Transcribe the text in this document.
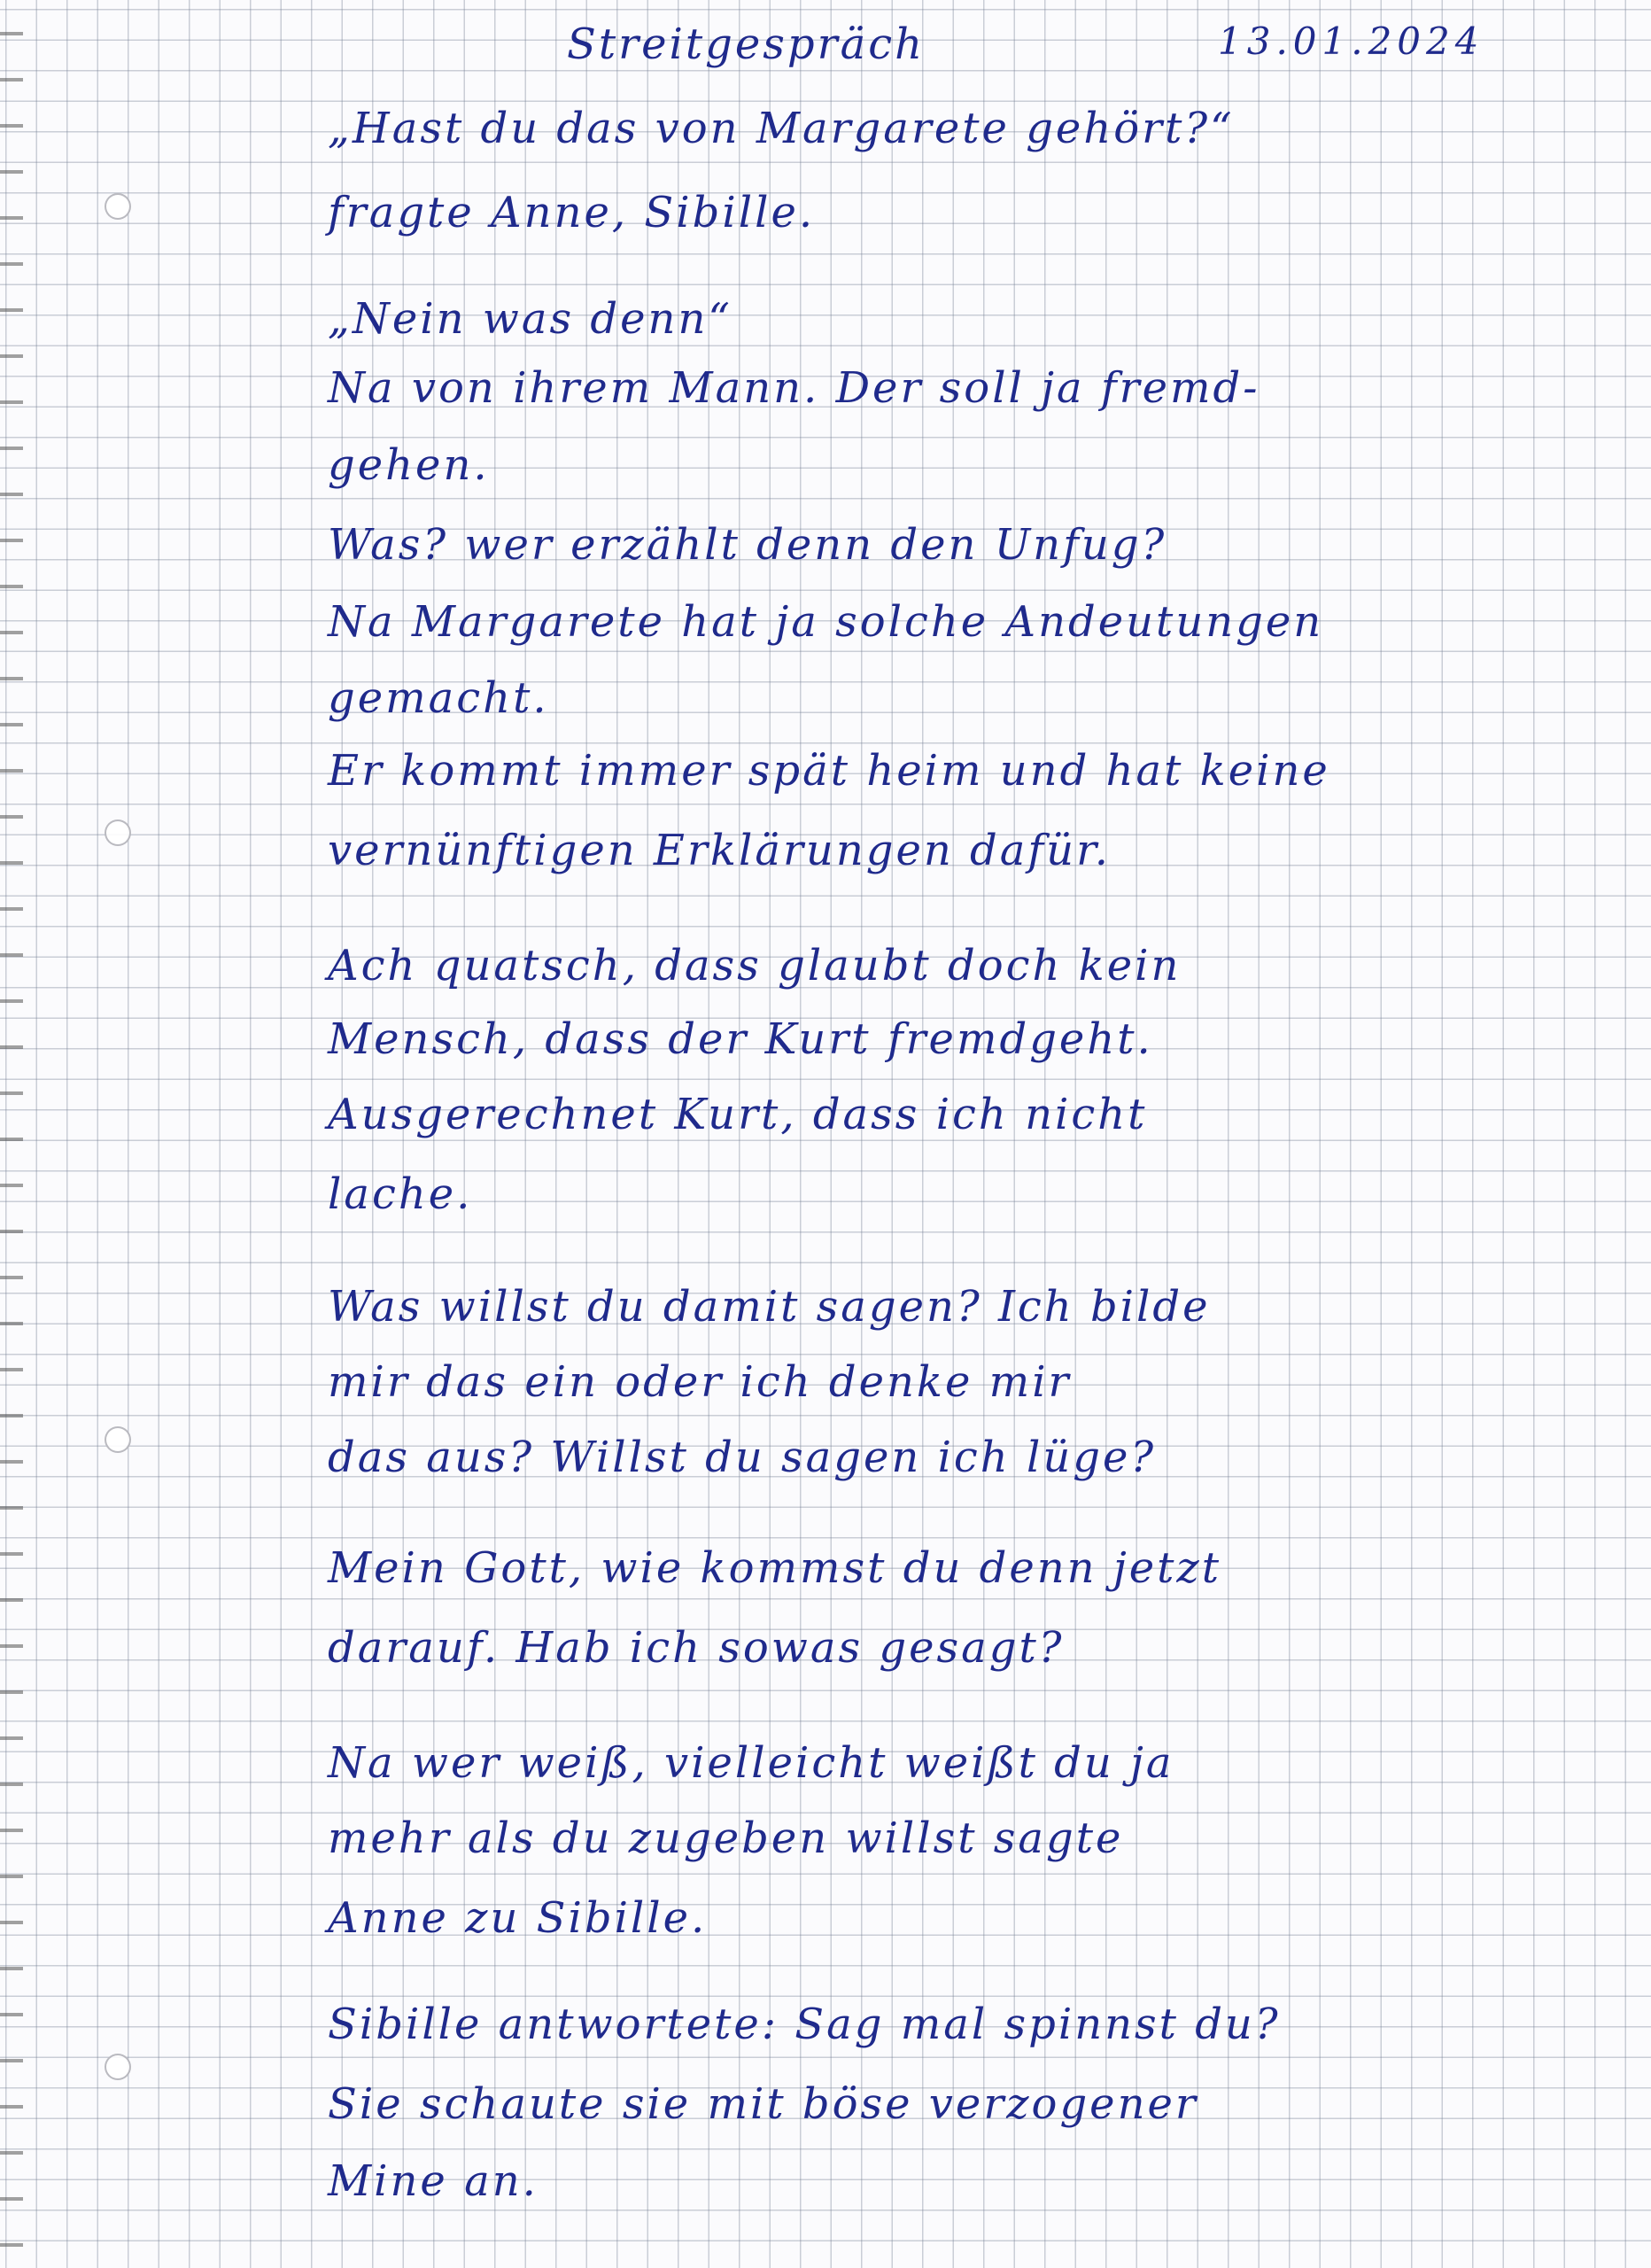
Streitgespräch	13.01.2024
„Hast du das von Margarete gehört?“
fragte Anne, Sibille.
„Nein was denn“
Na von ihrem Mann. Der soll ja fremd-
gehen.
Was? wer erzählt denn den Unfug?
Na Margarete hat ja solche Andeutungen
gemacht.
Er kommt immer spät heim und hat keine
vernünftigen Erklärungen dafür.
Ach quatsch, dass glaubt doch kein
Mensch, dass der Kurt fremdgeht.
Ausgerechnet Kurt, dass ich nicht
lache.
Was willst du damit sagen? Ich bilde
mir das ein oder ich denke mir
das aus? Willst du sagen ich lüge?
Mein Gott, wie kommst du denn jetzt
darauf. Hab ich sowas gesagt?
Na wer weiß, vielleicht weißt du ja
mehr als du zugeben willst sagte
Anne zu Sibille.
Sibille antwortete: Sag mal spinnst du?
Sie schaute sie mit böse verzogener
Mine an.
